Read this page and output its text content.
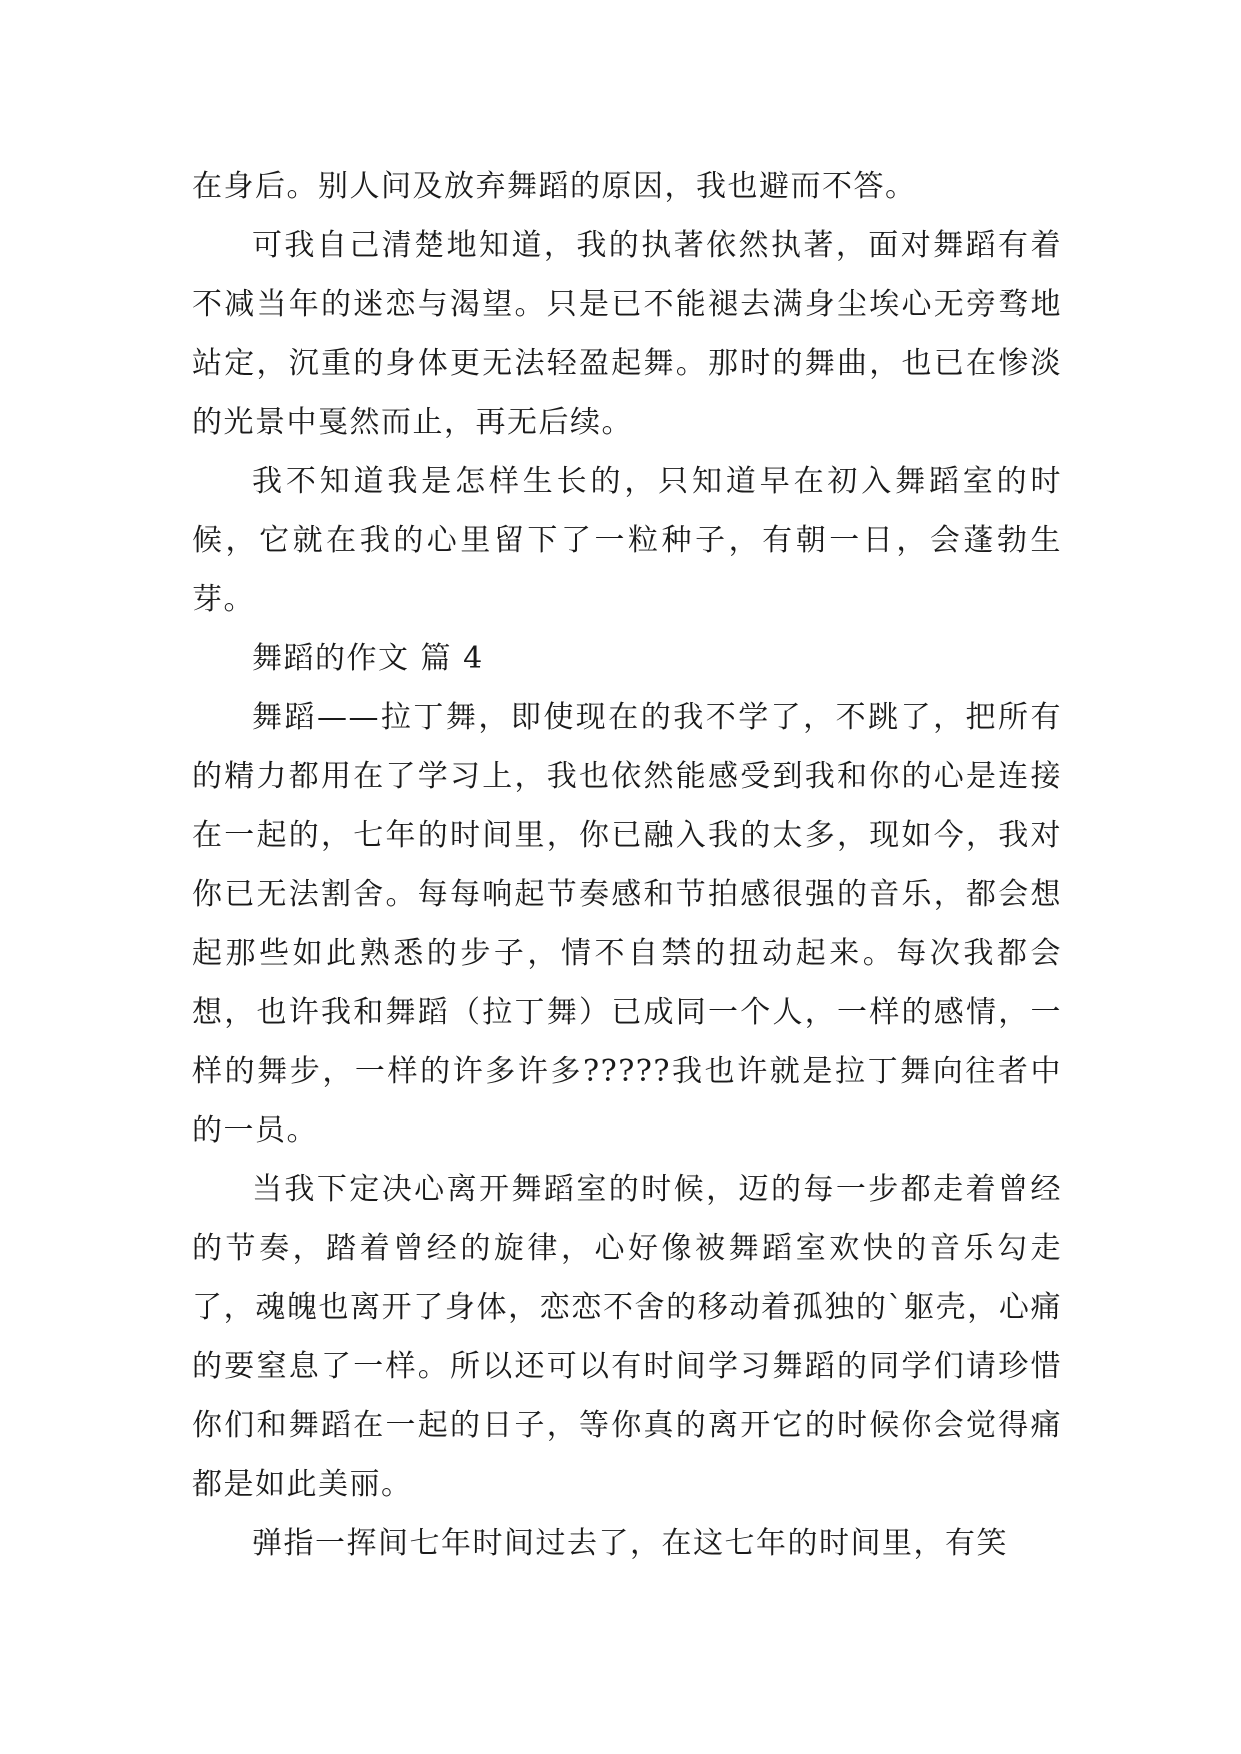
在身后。别人问及放弃舞蹈的原因，我也避而不答。

可我自己清楚地知道，我的执著依然执著，面对舞蹈有着不减当年的迷恋与渴望。只是已不能褪去满身尘埃心无旁骛地站定，沉重的身体更无法轻盈起舞。那时的舞曲，也已在惨淡的光景中戛然而止，再无后续。

我不知道我是怎样生长的，只知道早在初入舞蹈室的时候，它就在我的心里留下了一粒种子，有朝一日，会蓬勃生芽。

舞蹈的作文 篇 4

舞蹈——拉丁舞，即使现在的我不学了，不跳了，把所有的精力都用在了学习上，我也依然能感受到我和你的心是连接在一起的，七年的时间里，你已融入我的太多，现如今，我对你已无法割舍。每每响起节奏感和节拍感很强的音乐，都会想起那些如此熟悉的步子，情不自禁的扭动起来。每次我都会想，也许我和舞蹈（拉丁舞）已成同一个人，一样的感情，一样的舞步，一样的许多许多?????我也许就是拉丁舞向往者中的一员。

当我下定决心离开舞蹈室的时候，迈的每一步都走着曾经的节奏，踏着曾经的旋律，心好像被舞蹈室欢快的音乐勾走了，魂魄也离开了身体，恋恋不舍的移动着孤独的`躯壳，心痛的要窒息了一样。所以还可以有时间学习舞蹈的同学们请珍惜你们和舞蹈在一起的日子，等你真的离开它的时候你会觉得痛都是如此美丽。

弹指一挥间七年时间过去了，在这七年的时间里，有笑
